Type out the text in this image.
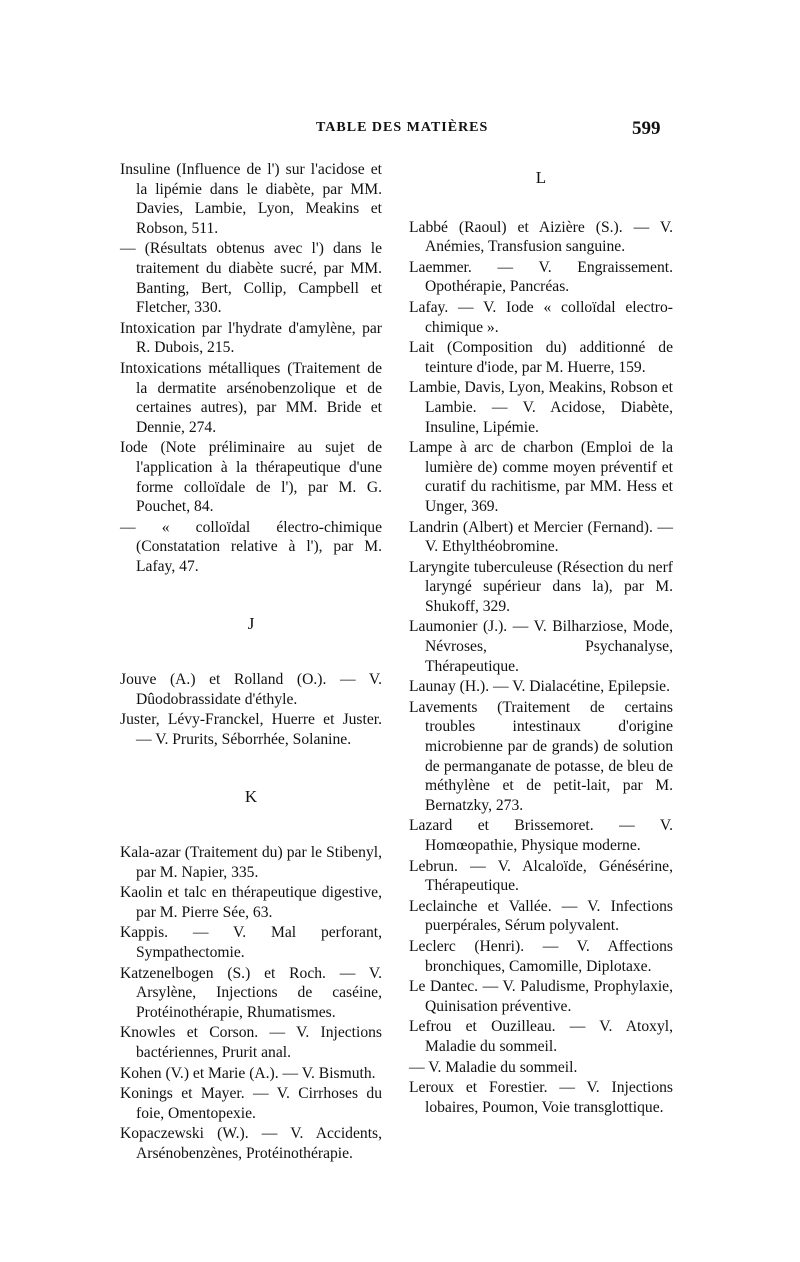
TABLE DES MATIÈRES	599

Insuline (Influence de l') sur l'acidose et la lipémie dans le diabète, par MM. Davies, Lambie, Lyon, Meakins et Robson, 511.

— (Résultats obtenus avec l') dans le traitement du diabète sucré, par MM. Banting, Bert, Collip, Campbell et Fletcher, 330.

Intoxication par l'hydrate d'amylène, par R. Dubois, 215.

Intoxications métalliques (Traitement de la dermatite arsénobenzolique et de certaines autres), par MM. Bride et Dennie, 274.

Iode (Note préliminaire au sujet de l'application à la thérapeutique d'une forme colloïdale de l'), par M. G. Pouchet, 84.

— « colloïdal électro-chimique (Constatation relative à l'), par M. Lafay, 47.

J

Jouve (A.) et Rolland (O.). — V. Dûodobrassidate d'éthyle.

Juster, Lévy-Franckel, Huerre et Juster. — V. Prurits, Séborrhée, Solanine.

K

Kala-azar (Traitement du) par le Stibenyl, par M. Napier, 335.

Kaolin et talc en thérapeutique digestive, par M. Pierre Sée, 63.

Kappis. — V. Mal perforant, Sympathectomie.

Katzenelbogen (S.) et Roch. — V. Arsylène, Injections de caséine, Protéinothérapie, Rhumatismes.

Knowles et Corson. — V. Injections bactériennes, Prurit anal.

Kohen (V.) et Marie (A.). — V. Bismuth.

Konings et Mayer. — V. Cirrhoses du foie, Omentopexie.

Kopaczewski (W.). — V. Accidents, Arsénobenzènes, Protéinothérapie.

L

Labbé (Raoul) et Aizière (S.). — V. Anémies, Transfusion sanguine.

Laemmer. — V. Engraissement. Opothérapie, Pancréas.

Lafay. — V. Iode « colloïdal electro-chimique ».

Lait (Composition du) additionné de teinture d'iode, par M. Huerre, 159.

Lambie, Davis, Lyon, Meakins, Robson et Lambie. — V. Acidose, Diabète, Insuline, Lipémie.

Lampe à arc de charbon (Emploi de la lumière de) comme moyen préventif et curatif du rachitisme, par MM. Hess et Unger, 369.

Landrin (Albert) et Mercier (Fernand). — V. Ethylthéobromine.

Laryngite tuberculeuse (Résection du nerf laryngé supérieur dans la), par M. Shukoff, 329.

Laumonier (J.). — V. Bilharziose, Mode, Névroses, Psychanalyse, Thérapeutique.

Launay (H.). — V. Dialacétine, Epilepsie.

Lavements (Traitement de certains troubles intestinaux d'origine microbienne par de grands) de solution de permanganate de potasse, de bleu de méthylène et de petit-lait, par M. Bernatzky, 273.

Lazard et Brissemoret. — V. Homœopathie, Physique moderne.

Lebrun. — V. Alcaloïde, Génésérine, Thérapeutique.

Leclainche et Vallée. — V. Infections puerpérales, Sérum polyvalent.

Leclerc (Henri). — V. Affections bronchiques, Camomille, Diplotaxe.

Le Dantec. — V. Paludisme, Prophylaxie, Quinisation préventive.

Lefrou et Ouzilleau. — V. Atoxyl, Maladie du sommeil.

— V. Maladie du sommeil.

Leroux et Forestier. — V. Injections lobaires, Poumon, Voie transglottique.
